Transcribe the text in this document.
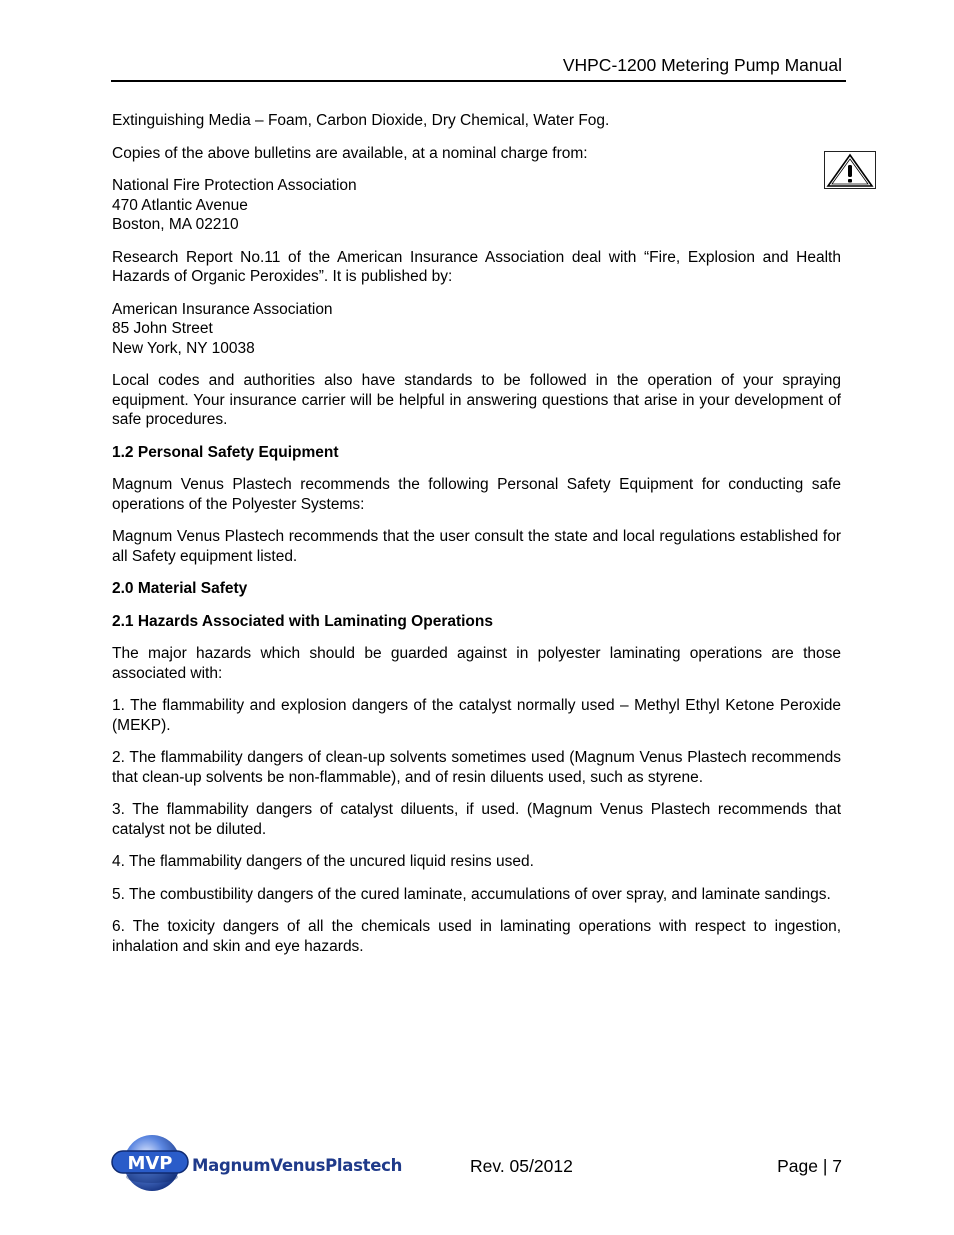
VHPC-1200 Metering Pump Manual

Extinguishing Media – Foam, Carbon Dioxide, Dry Chemical, Water Fog.

Copies of the above bulletins are available, at a nominal charge from:

National Fire Protection Association
470 Atlantic Avenue
Boston, MA 02210

Research Report No.11 of the American Insurance Association deal with “Fire, Explosion and Health Hazards of Organic Peroxides”. It is published by:

American Insurance Association
85 John Street
New York, NY 10038

Local codes and authorities also have standards to be followed in the operation of your spraying equipment. Your insurance carrier will be helpful in answering questions that arise in your development of safe procedures.

1.2 Personal Safety Equipment

Magnum Venus Plastech recommends the following Personal Safety Equipment for conducting safe operations of the Polyester Systems:

Magnum Venus Plastech recommends that the user consult the state and local regulations established for all Safety equipment listed.

2.0 Material Safety
2.1 Hazards Associated with Laminating Operations

The major hazards which should be guarded against in polyester laminating operations are those associated with:

1. The flammability and explosion dangers of the catalyst normally used – Methyl Ethyl Ketone Peroxide (MEKP).

2. The flammability dangers of clean-up solvents sometimes used (Magnum Venus Plastech recommends that clean-up solvents be non-flammable), and of resin diluents used, such as styrene.

3. The flammability dangers of catalyst diluents, if used. (Magnum Venus Plastech recommends that catalyst not be diluted.

4. The flammability dangers of the uncured liquid resins used.

5. The combustibility dangers of the cured laminate, accumulations of over spray, and laminate sandings.

6. The toxicity dangers of all the chemicals used in laminating operations with respect to ingestion, inhalation and skin and eye hazards.

MVP MagnumVenusPlastech	Rev. 05/2012	Page | 7
